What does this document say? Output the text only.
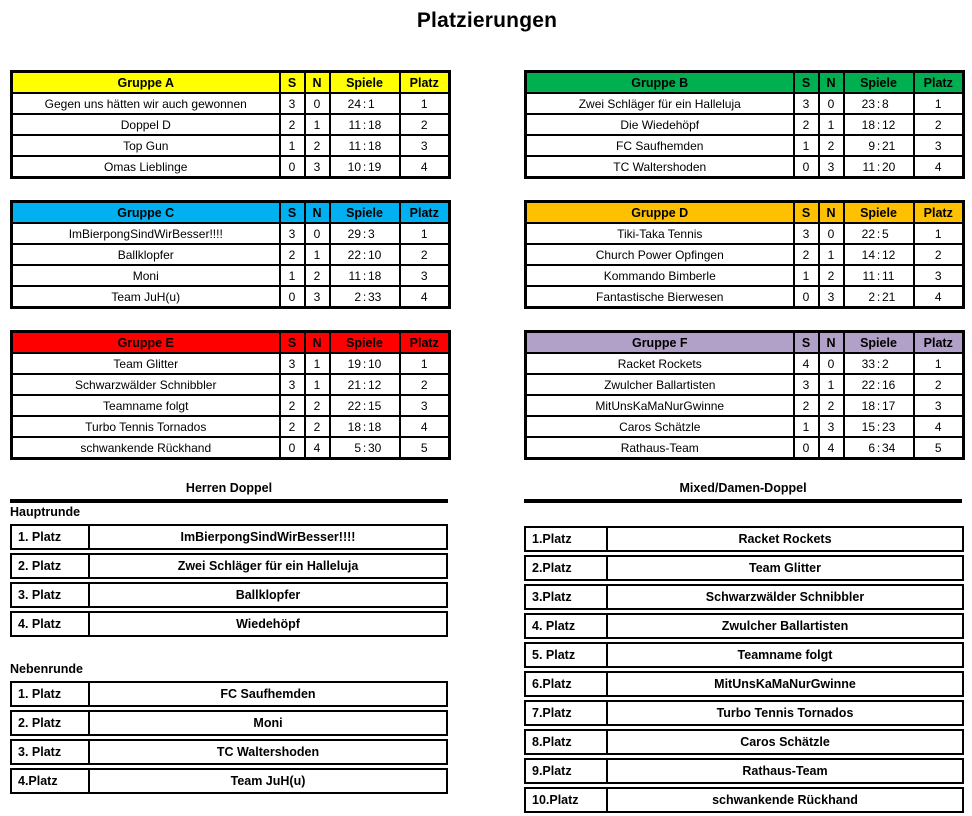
Platzierungen
Gruppe A	S	N	Spiele	Platz
Gegen uns hätten wir auch gewonnen	3	0	24 : 1	1
Doppel D	2	1	11 : 18	2
Top Gun	1	2	11 : 18	3
Omas Lieblinge	0	3	10 : 19	4
Gruppe C	S	N	Spiele	Platz
ImBierpongSindWirBesser!!!!	3	0	29 : 3	1
Ballklopfer	2	1	22 : 10	2
Moni	1	2	11 : 18	3
Team JuH(u)	0	3	2 : 33	4
Gruppe E	S	N	Spiele	Platz
Team Glitter	3	1	19 : 10	1
Schwarzwälder Schnibbler	3	1	21 : 12	2
Teamname folgt	2	2	22 : 15	3
Turbo Tennis Tornados	2	2	18 : 18	4
schwankende Rückhand	0	4	5 : 30	5
Herren Doppel
Hauptrunde
1. Platz	ImBierpongSindWirBesser!!!!
2. Platz	Zwei Schläger für ein Halleluja
3. Platz	Ballklopfer
4. Platz	Wiedehöpf
Nebenrunde
1. Platz	FC Saufhemden
2. Platz	Moni
3. Platz	TC Waltershoden
4.Platz	Team JuH(u)
Gruppe B	S	N	Spiele	Platz
Zwei Schläger für ein Halleluja	3	0	23 : 8	1
Die Wiedehöpf	2	1	18 : 12	2
FC Saufhemden	1	2	9 : 21	3
TC Waltershoden	0	3	11 : 20	4
Gruppe D	S	N	Spiele	Platz
Tiki-Taka Tennis	3	0	22 : 5	1
Church Power Opfingen	2	1	14 : 12	2
Kommando Bimberle	1	2	11 : 11	3
Fantastische Bierwesen	0	3	2 : 21	4
Gruppe F	S	N	Spiele	Platz
Racket Rockets	4	0	33 : 2	1
Zwulcher Ballartisten	3	1	22 : 16	2
MitUnsKaMaNurGwinne	2	2	18 : 17	3
Caros Schätzle	1	3	15 : 23	4
Rathaus-Team	0	4	6 : 34	5
Mixed/Damen-Doppel
1.Platz	Racket Rockets
2.Platz	Team Glitter
3.Platz	Schwarzwälder Schnibbler
4. Platz	Zwulcher Ballartisten
5. Platz	Teamname folgt
6.Platz	MitUnsKaMaNurGwinne
7.Platz	Turbo Tennis Tornados
8.Platz	Caros Schätzle
9.Platz	Rathaus-Team
10.Platz	schwankende Rückhand
